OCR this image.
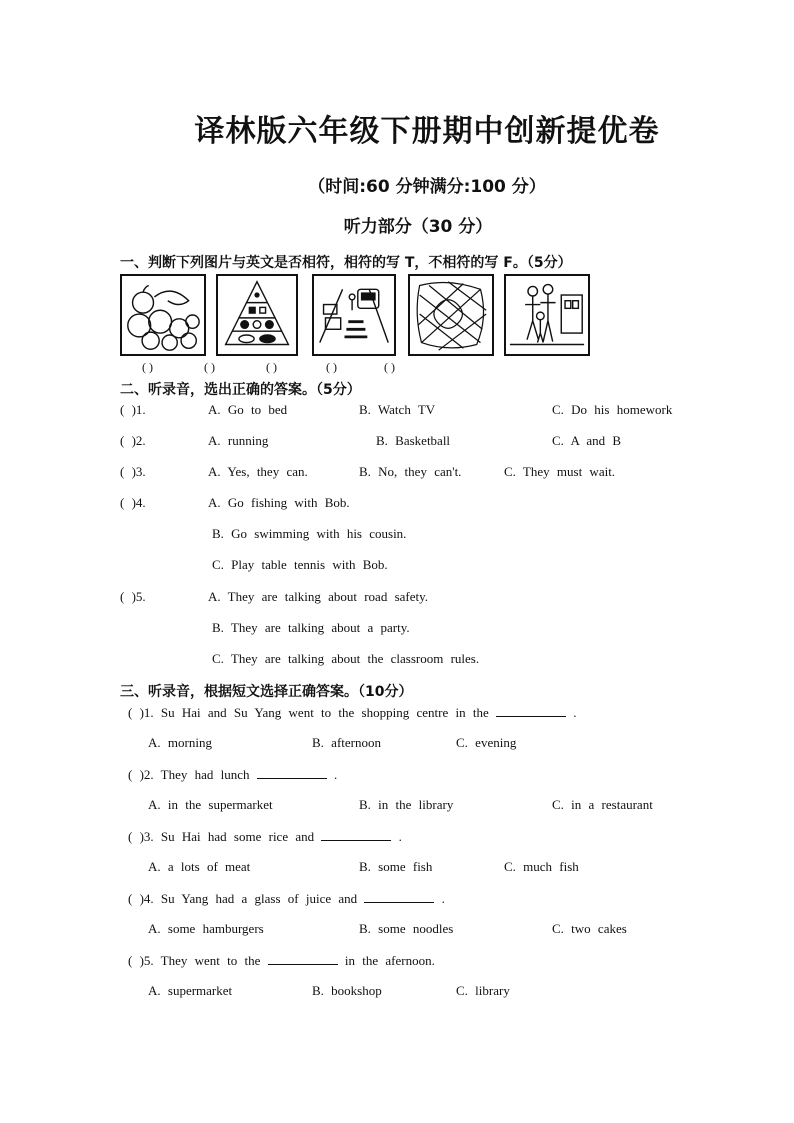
译林版六年级下册期中创新提优卷
（时间:60 分钟满分:100 分）
听力部分（30 分）
一、判断下列图片与英文是否相符，相符的写 T，不相符的写 F。（5分）
( )	( )	( )	( )	( )
二、听录音，选出正确的答案。（5分）
( )1.	A. Go to bed	B. Watch TV	C. Do his homework
( )2.	A. running	B. Basketball	C. A and B
( )3.	A. Yes, they can.	B. No, they can't.	C. They must wait.
( )4.	A. Go fishing with Bob.
B. Go swimming with his cousin.
C. Play table tennis with Bob.
( )5.	A. They are talking about road safety.
B. They are talking about a party.
C. They are talking about the classroom rules.
三、听录音，根据短文选择正确答案。（10分）
( )1. Su Hai and Su Yang went to the shopping centre in the	.
A. morning	B. afternoon	C. evening
( )2. They had lunch	.
A. in the supermarket	B. in the library	C. in a restaurant
( )3. Su Hai had some rice and	.
A. a lots of meat	B. some fish	C. much fish
( )4. Su Yang had a glass of juice and	.
A. some hamburgers	B. some noodles	C. two cakes
( )5. They went to the	in the afernoon.
A. supermarket	B. bookshop	C. library
